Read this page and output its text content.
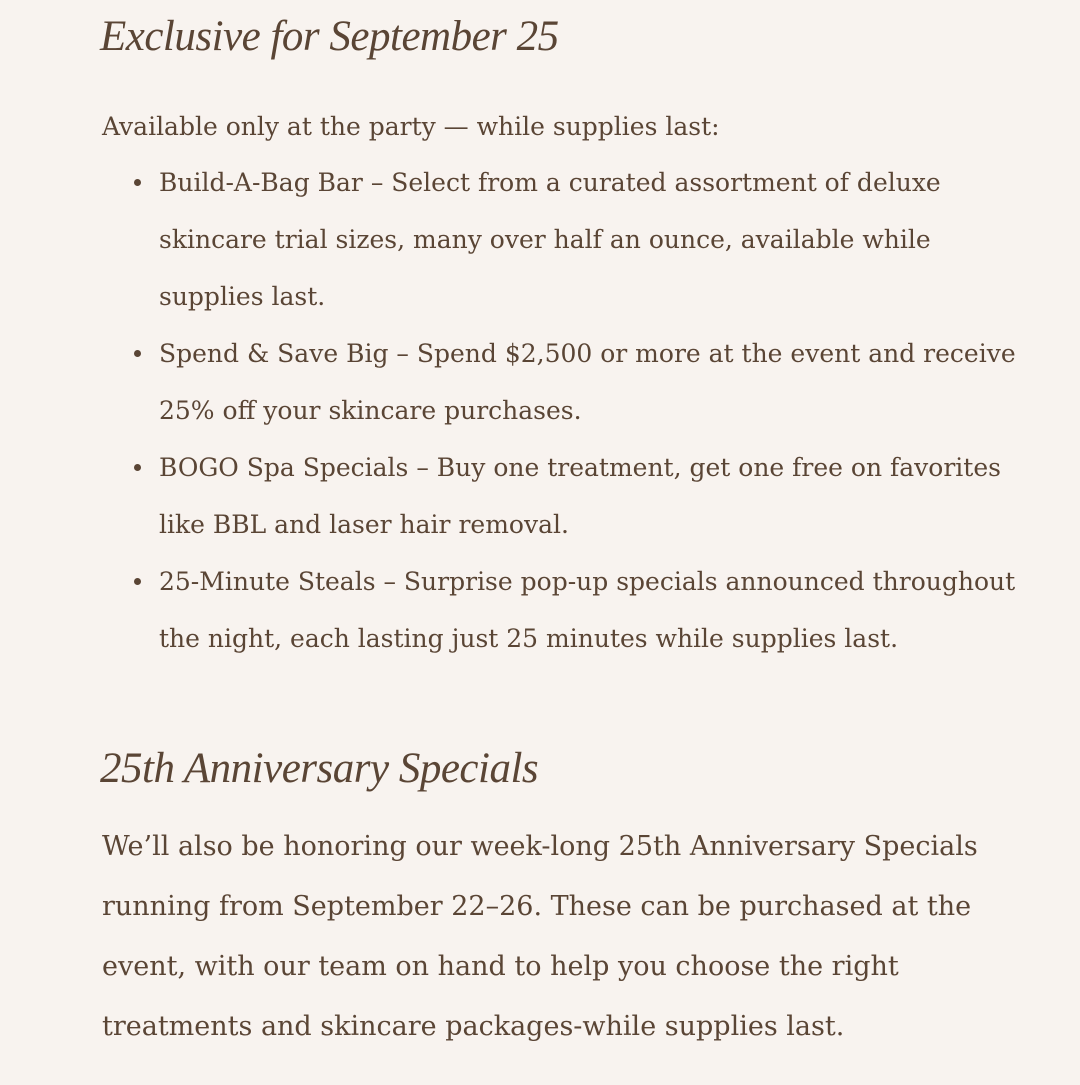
Exclusive for September 25

Available only at the party — while supplies last:

Build-A-Bag Bar – Select from a curated assortment of deluxe skincare trial sizes, many over half an ounce, available while supplies last.
Spend & Save Big – Spend $2,500 or more at the event and receive 25% off your skincare purchases.
BOGO Spa Specials – Buy one treatment, get one free on favorites like BBL and laser hair removal.
25-Minute Steals – Surprise pop-up specials announced throughout the night, each lasting just 25 minutes while supplies last.
25th Anniversary Specials

We’ll also be honoring our week-long 25th Anniversary Specials running from September 22–26. These can be purchased at the event, with our team on hand to help you choose the right treatments and skincare packages-while supplies last.
